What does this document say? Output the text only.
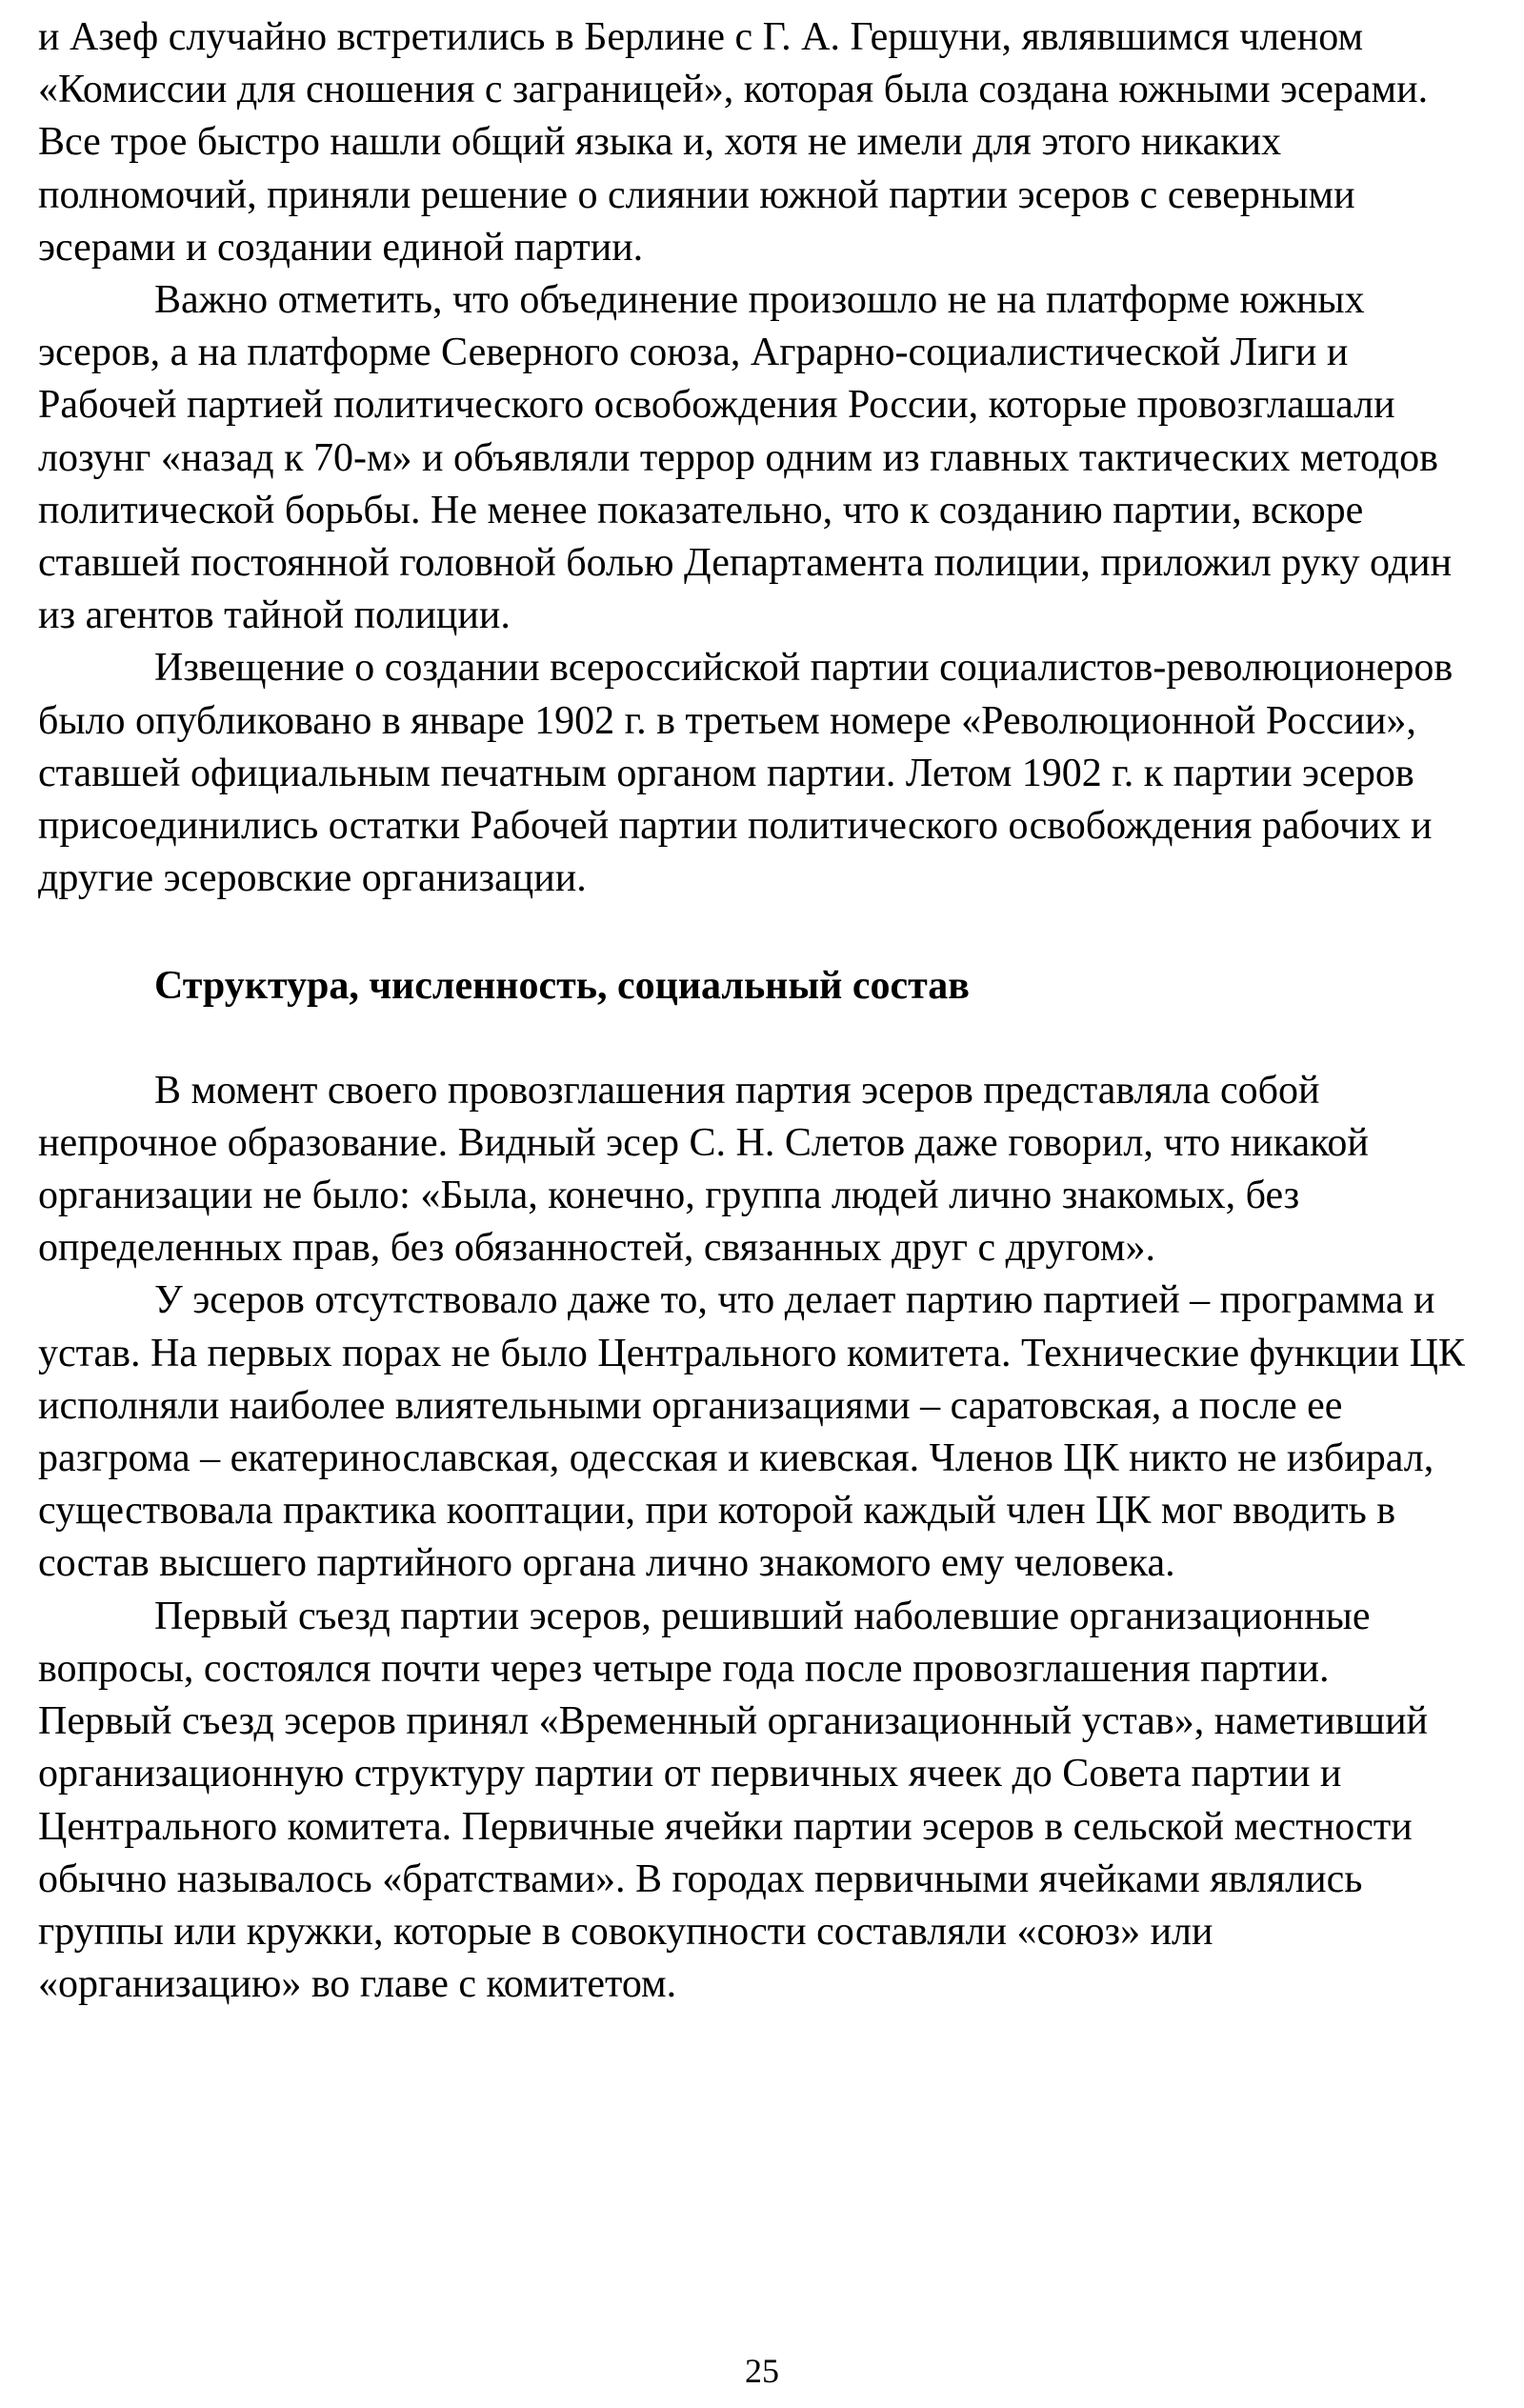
и Азеф случайно встретились в Берлине с Г. А. Гершуни, являвшимся членом «Комиссии для сношения с заграницей», которая была создана южными эсерами. Все трое быстро нашли общий языка и, хотя не имели для этого никаких полномочий, приняли решение о слиянии южной партии эсеров с северными эсерами и создании единой партии.

Важно отметить, что объединение произошло не на платформе южных эсеров, а на платформе Северного союза, Аграрно-социалистической Лиги и Рабочей партией политического освобождения России, которые провозглашали лозунг «назад к 70-м» и объявляли террор одним из главных тактических методов политической борьбы. Не менее показательно, что к созданию партии, вскоре ставшей постоянной головной болью Департамента полиции, приложил руку один из агентов тайной полиции.

Извещение о создании всероссийской партии социалистов-революционеров было опубликовано в январе 1902 г. в третьем номере «Революционной России», ставшей официальным печатным органом партии. Летом 1902 г. к партии эсеров присоединились остатки Рабочей партии политического освобождения рабочих и другие эсеровские организации.

Структура, численность, социальный состав

В момент своего провозглашения партия эсеров представляла собой непрочное образование. Видный эсер С. Н. Слетов даже говорил, что никакой организации не было: «Была, конечно, группа людей лично знакомых, без определенных прав, без обязанностей, связанных друг с другом».

У эсеров отсутствовало даже то, что делает партию партией – программа и устав. На первых порах не было Центрального комитета. Технические функции ЦК исполняли наиболее влиятельными организациями – саратовская, а после ее разгрома – екатеринославская, одесская и киевская. Членов ЦК никто не избирал, существовала практика кооптации, при которой каждый член ЦК мог вводить в состав высшего партийного органа лично знакомого ему человека.

Первый съезд партии эсеров, решивший наболевшие организационные вопросы, состоялся почти через четыре года после провозглашения партии. Первый съезд эсеров принял «Временный организационный устав», наметивший организационную структуру партии от первичных ячеек до Совета партии и Центрального комитета. Первичные ячейки партии эсеров в сельской местности обычно называлось «братствами». В городах первичными ячейками являлись группы или кружки, которые в совокупности составляли «союз» или «организацию» во главе с комитетом.

25
